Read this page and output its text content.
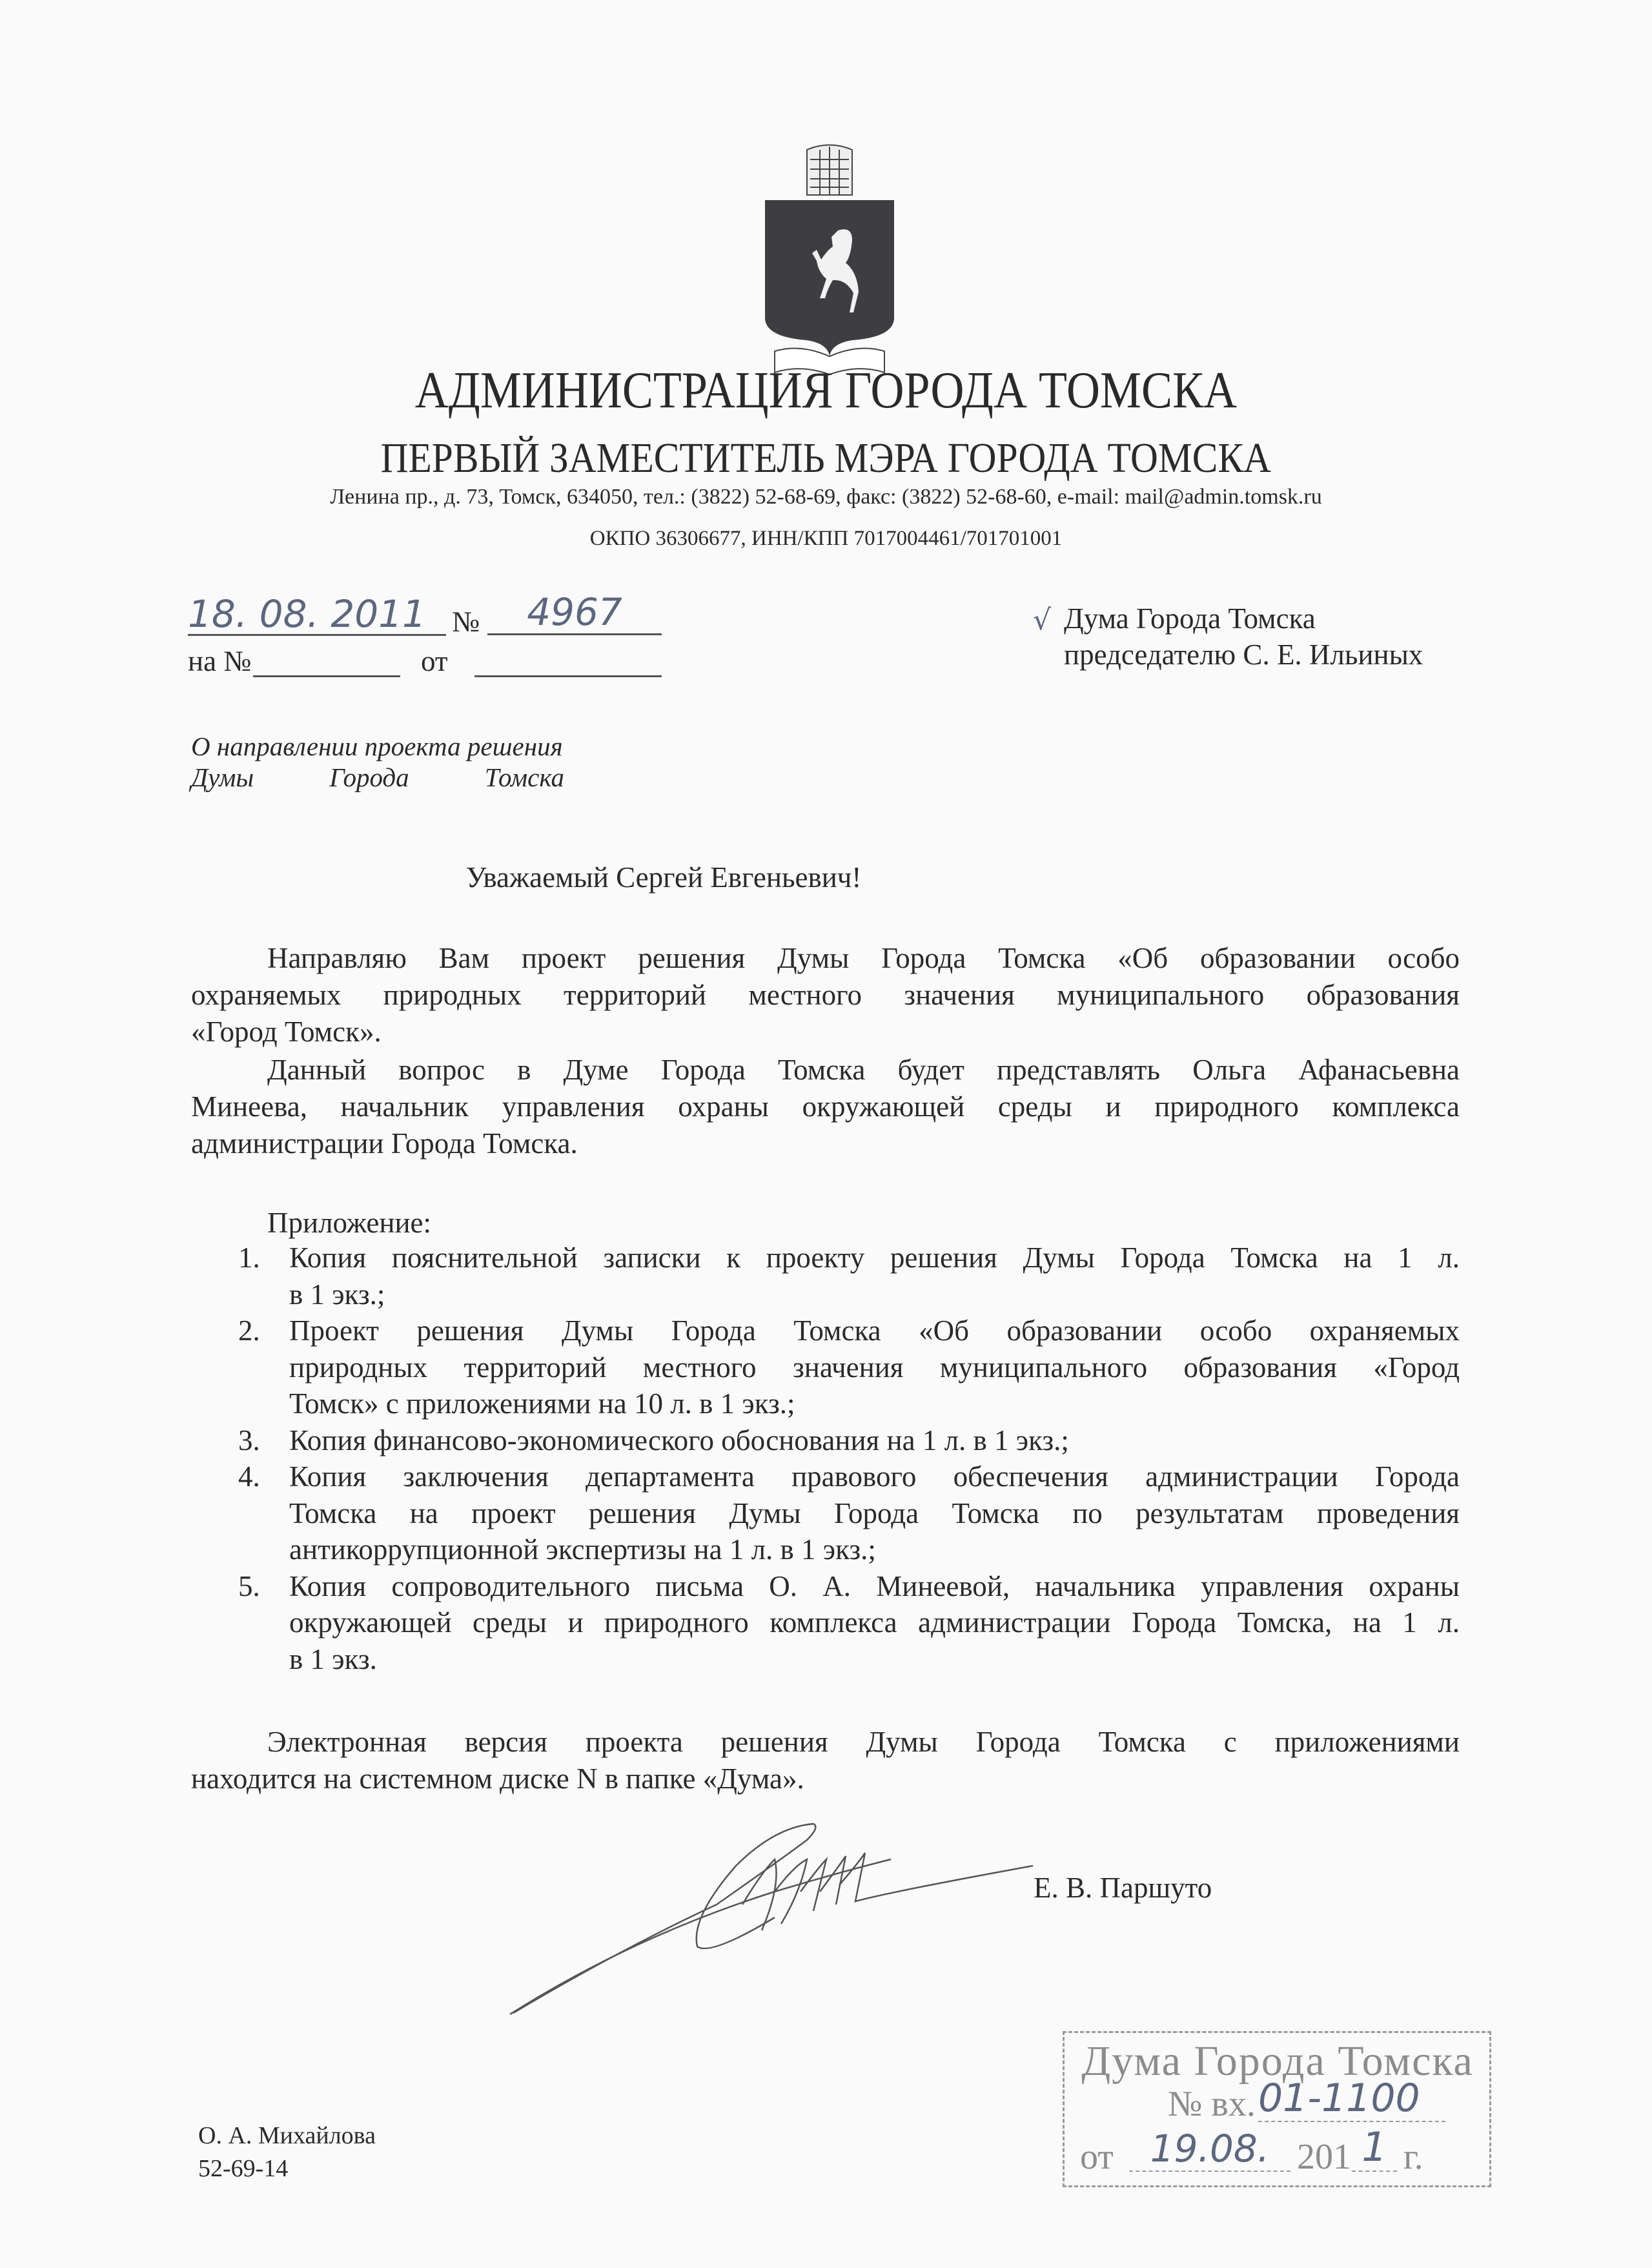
АДМИНИСТРАЦИЯ ГОРОДА ТОМСКА
ПЕРВЫЙ ЗАМЕСТИТЕЛЬ МЭРА ГОРОДА ТОМСКА
Ленина пр., д. 73, Томск, 634050, тел.: (3822) 52-68-69, факс: (3822) 52-68-60, e-mail: mail@admin.tomsk.ru
ОКПО 36306677, ИНН/КПП 7017004461/701701001
18. 08. 2011 №	4967
на №	от
√ Дума Города Томска
председателю С. Е. Ильиных
О направлении проекта решения
Думы	Города	Томска
Уважаемый Сергей Евгеньевич!
Направляю Вам проект решения Думы Города Томска «Об образовании особо
охраняемых природных территорий местного значения муниципального образования
«Город Томск».
Данный вопрос в Думе Города Томска будет представлять Ольга Афанасьевна
Минеева, начальник управления охраны окружающей среды и природного комплекса
администрации Города Томска.
Приложение:
1. Копия пояснительной записки к проекту решения Думы Города Томска на 1 л.
в 1 экз.;
2. Проект решения Думы Города Томска «Об образовании особо охраняемых
природных территорий местного значения муниципального образования «Город
Томск» с приложениями на 10 л. в 1 экз.;
3. Копия финансово-экономического обоснования на 1 л. в 1 экз.;
4. Копия заключения департамента правового обеспечения администрации Города
Томска на проект решения Думы Города Томска по результатам проведения
антикоррупционной экспертизы на 1 л. в 1 экз.;
5. Копия сопроводительного письма О. А. Минеевой, начальника управления охраны
окружающей среды и природного комплекса администрации Города Томска, на 1 л.
в 1 экз.
Электронная версия проекта решения Думы Города Томска с приложениями
находится на системном диске N в папке «Дума».
Е. В. Паршуто
О. А. Михайлова
52-69-14
Дума Города Томска
№ вх. 01-1100
от 19.08. 201 1 г.
